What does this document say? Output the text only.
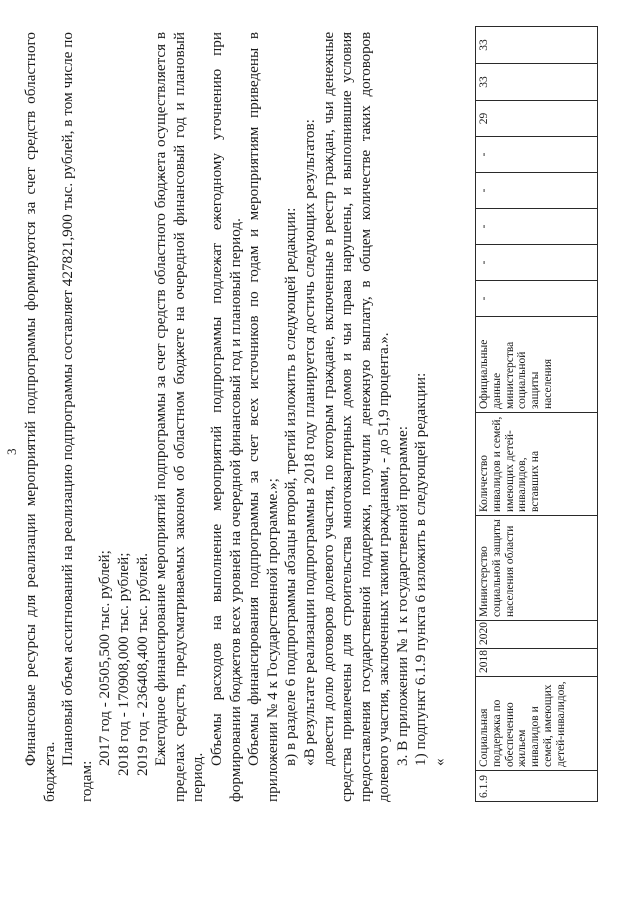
3 Финансовые ресурсы для реализации мероприятий подпрограммы формируются за счет средств областного бюджета.

Плановый объем ассигнований на реализацию подпрограммы составляет 427821,900 тыс. рублей, в том числе по годам:

2017 год - 20505,500 тыс. рублей; 2018 год - 170908,000 тыс. рублей; 2019 год - 236408,400 тыс. рублей. Ежегодное финансирование мероприятий подпрограммы за счет средств областного бюджета осуществляется в пределах средств, предусматриваемых законом об областном бюджете на очередной финансовый год и плановый период.

Объемы расходов на выполнение мероприятий подпрограммы подлежат ежегодному уточнению при формировании бюджетов всех уровней на очередной финансовый год и плановый период. Объемы финансирования подпрограммы за счет всех источников по годам и мероприятиям приведены в приложении № 4 к Государственной программе.»; в) в разделе 6 подпрограммы абзацы второй, третий изложить в следующей редакции: «В результате реализации подпрограммы в 2018 году планируется достичь следующих результатов: довести долю договоров долевого участия, по которым граждане, включенные в реестр граждан, чьи денежные средства привлечены для строительства многоквартирных домов и чьи права нарушены, и выполнившие условия предоставления государственной поддержки, получили денежную выплату, в общем количестве таких договоров долевого участия, заключенных такими гражданами, - до 51,9 процента.». 3. В приложении № 1 к государственной программе: 1) подпункт 6.1.9 пункта 6 изложить в следующей редакции: «

6.1.9	Социальная поддержка по обеспечению жильем инвалидов и семей, имеющих детей-инвалидов,	2018	2020	Министерство социальной защиты населения области	Количество инвалидов и семей, имеющих детей-инвалидов, вставших на	Официальные данные министерства социальной защиты населения	-	-	-	-	-	29	33	33
